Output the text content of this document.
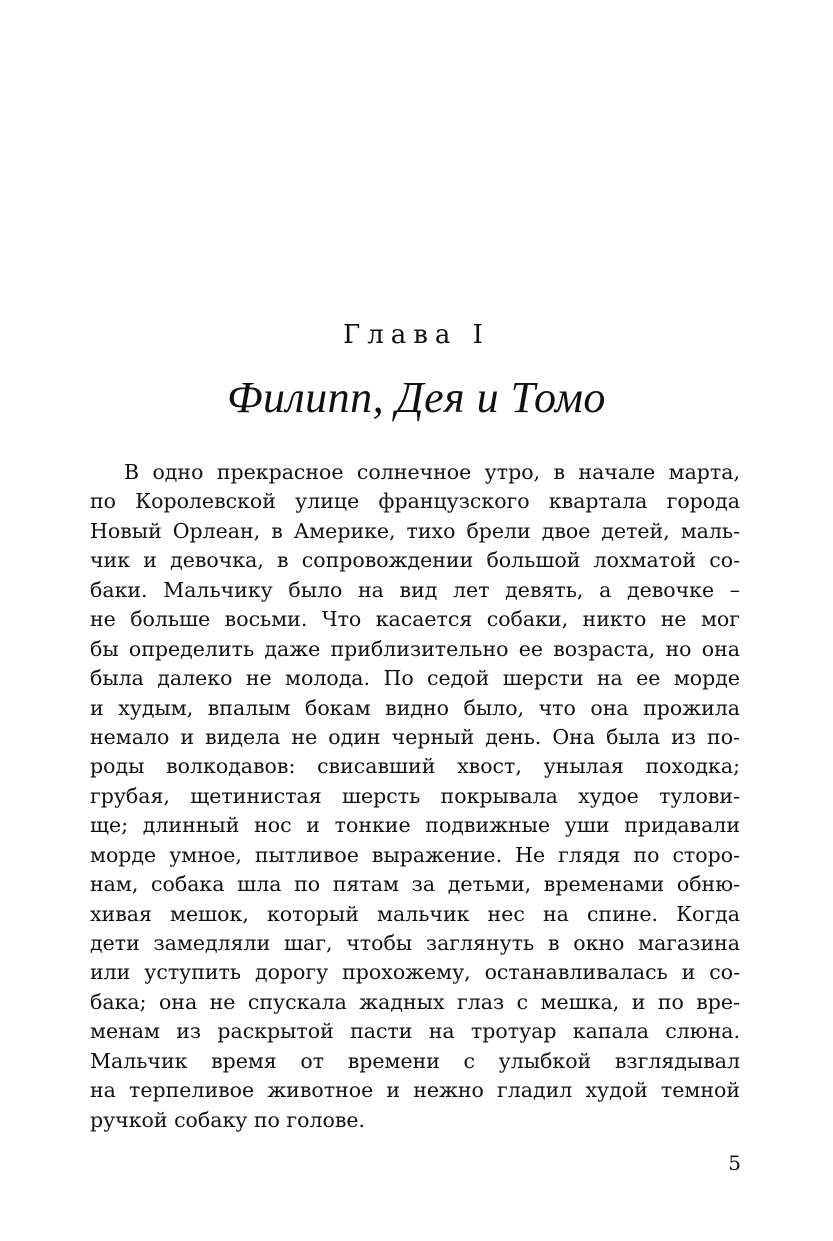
Глава I
Филипп, Дея и Томо
В одно прекрасное солнечное утро, в начале марта,
по Королевской улице французского квартала города
Новый Орлеан, в Америке, тихо брели двое детей, маль-
чик и девочка, в сопровождении большой лохматой со-
баки. Мальчику было на вид лет девять, а девочке –
не больше восьми. Что касается собаки, никто не мог
бы определить даже приблизительно ее возраста, но она
была далеко не молода. По седой шерсти на ее морде
и худым, впалым бокам видно было, что она прожила
немало и видела не один черный день. Она была из по-
роды волкодавов: свисавший хвост, унылая походка;
грубая, щетинистая шерсть покрывала худое тулови-
ще; длинный нос и тонкие подвижные уши придавали
морде умное, пытливое выражение. Не глядя по сторо-
нам, собака шла по пятам за детьми, временами обню-
хивая мешок, который мальчик нес на спине. Когда
дети замедляли шаг, чтобы заглянуть в окно магазина
или уступить дорогу прохожему, останавливалась и со-
бака; она не спускала жадных глаз с мешка, и по вре-
менам из раскрытой пасти на тротуар капала слюна.
Мальчик время от времени с улыбкой взглядывал
на терпеливое животное и нежно гладил худой темной
ручкой собаку по голове.
5
